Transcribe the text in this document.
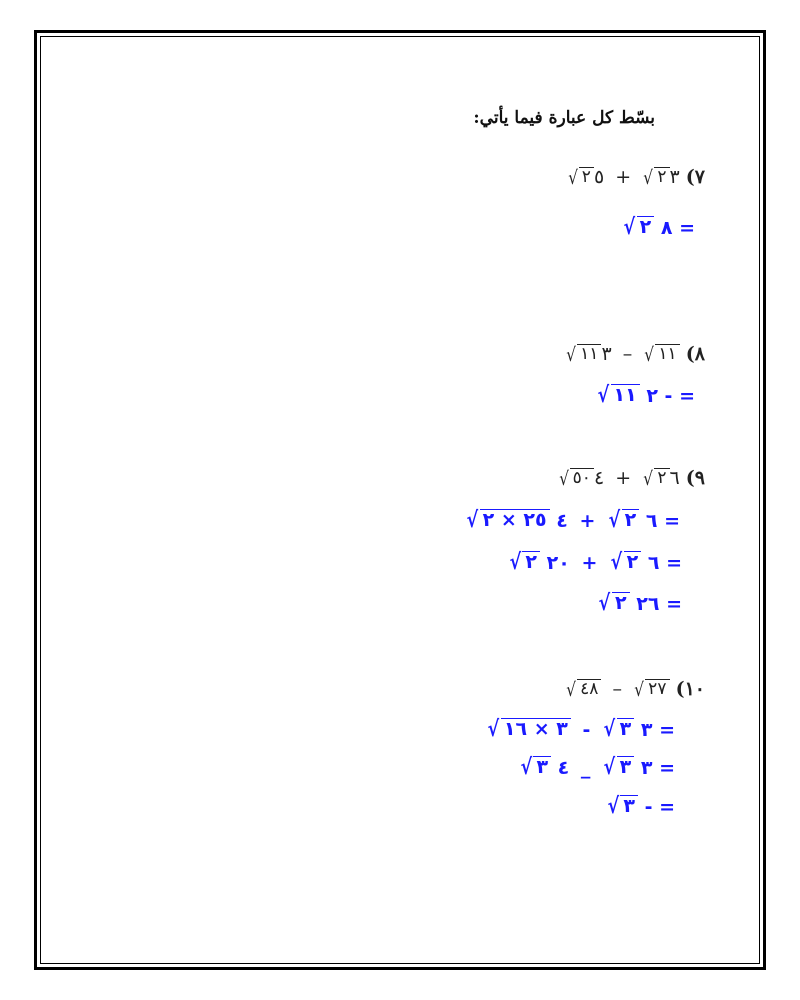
بسّط كل عبارة فيما يأتي:
٧) ٣
√ ٢
+ ٥
√ ٢
= ٨
√ ٢
٨)
√ ١١
– ٣
√ ١١
= - ٢
√ ١١
٩) ٦
√ ٢
+ ٤
√ ٥٠
= ٦
√ ٢
+ ٤
√ ٢٥ × ٢
= ٦
√ ٢
+ ٢٠
√ ٢
= ٢٦
√ ٢
١٠)
√ ٢٧
–
√ ٤٨
= ٣
√ ٣
-
√ ٣ × ١٦
= ٣
√ ٣
_ ٤
√ ٣
= -
√ ٣
